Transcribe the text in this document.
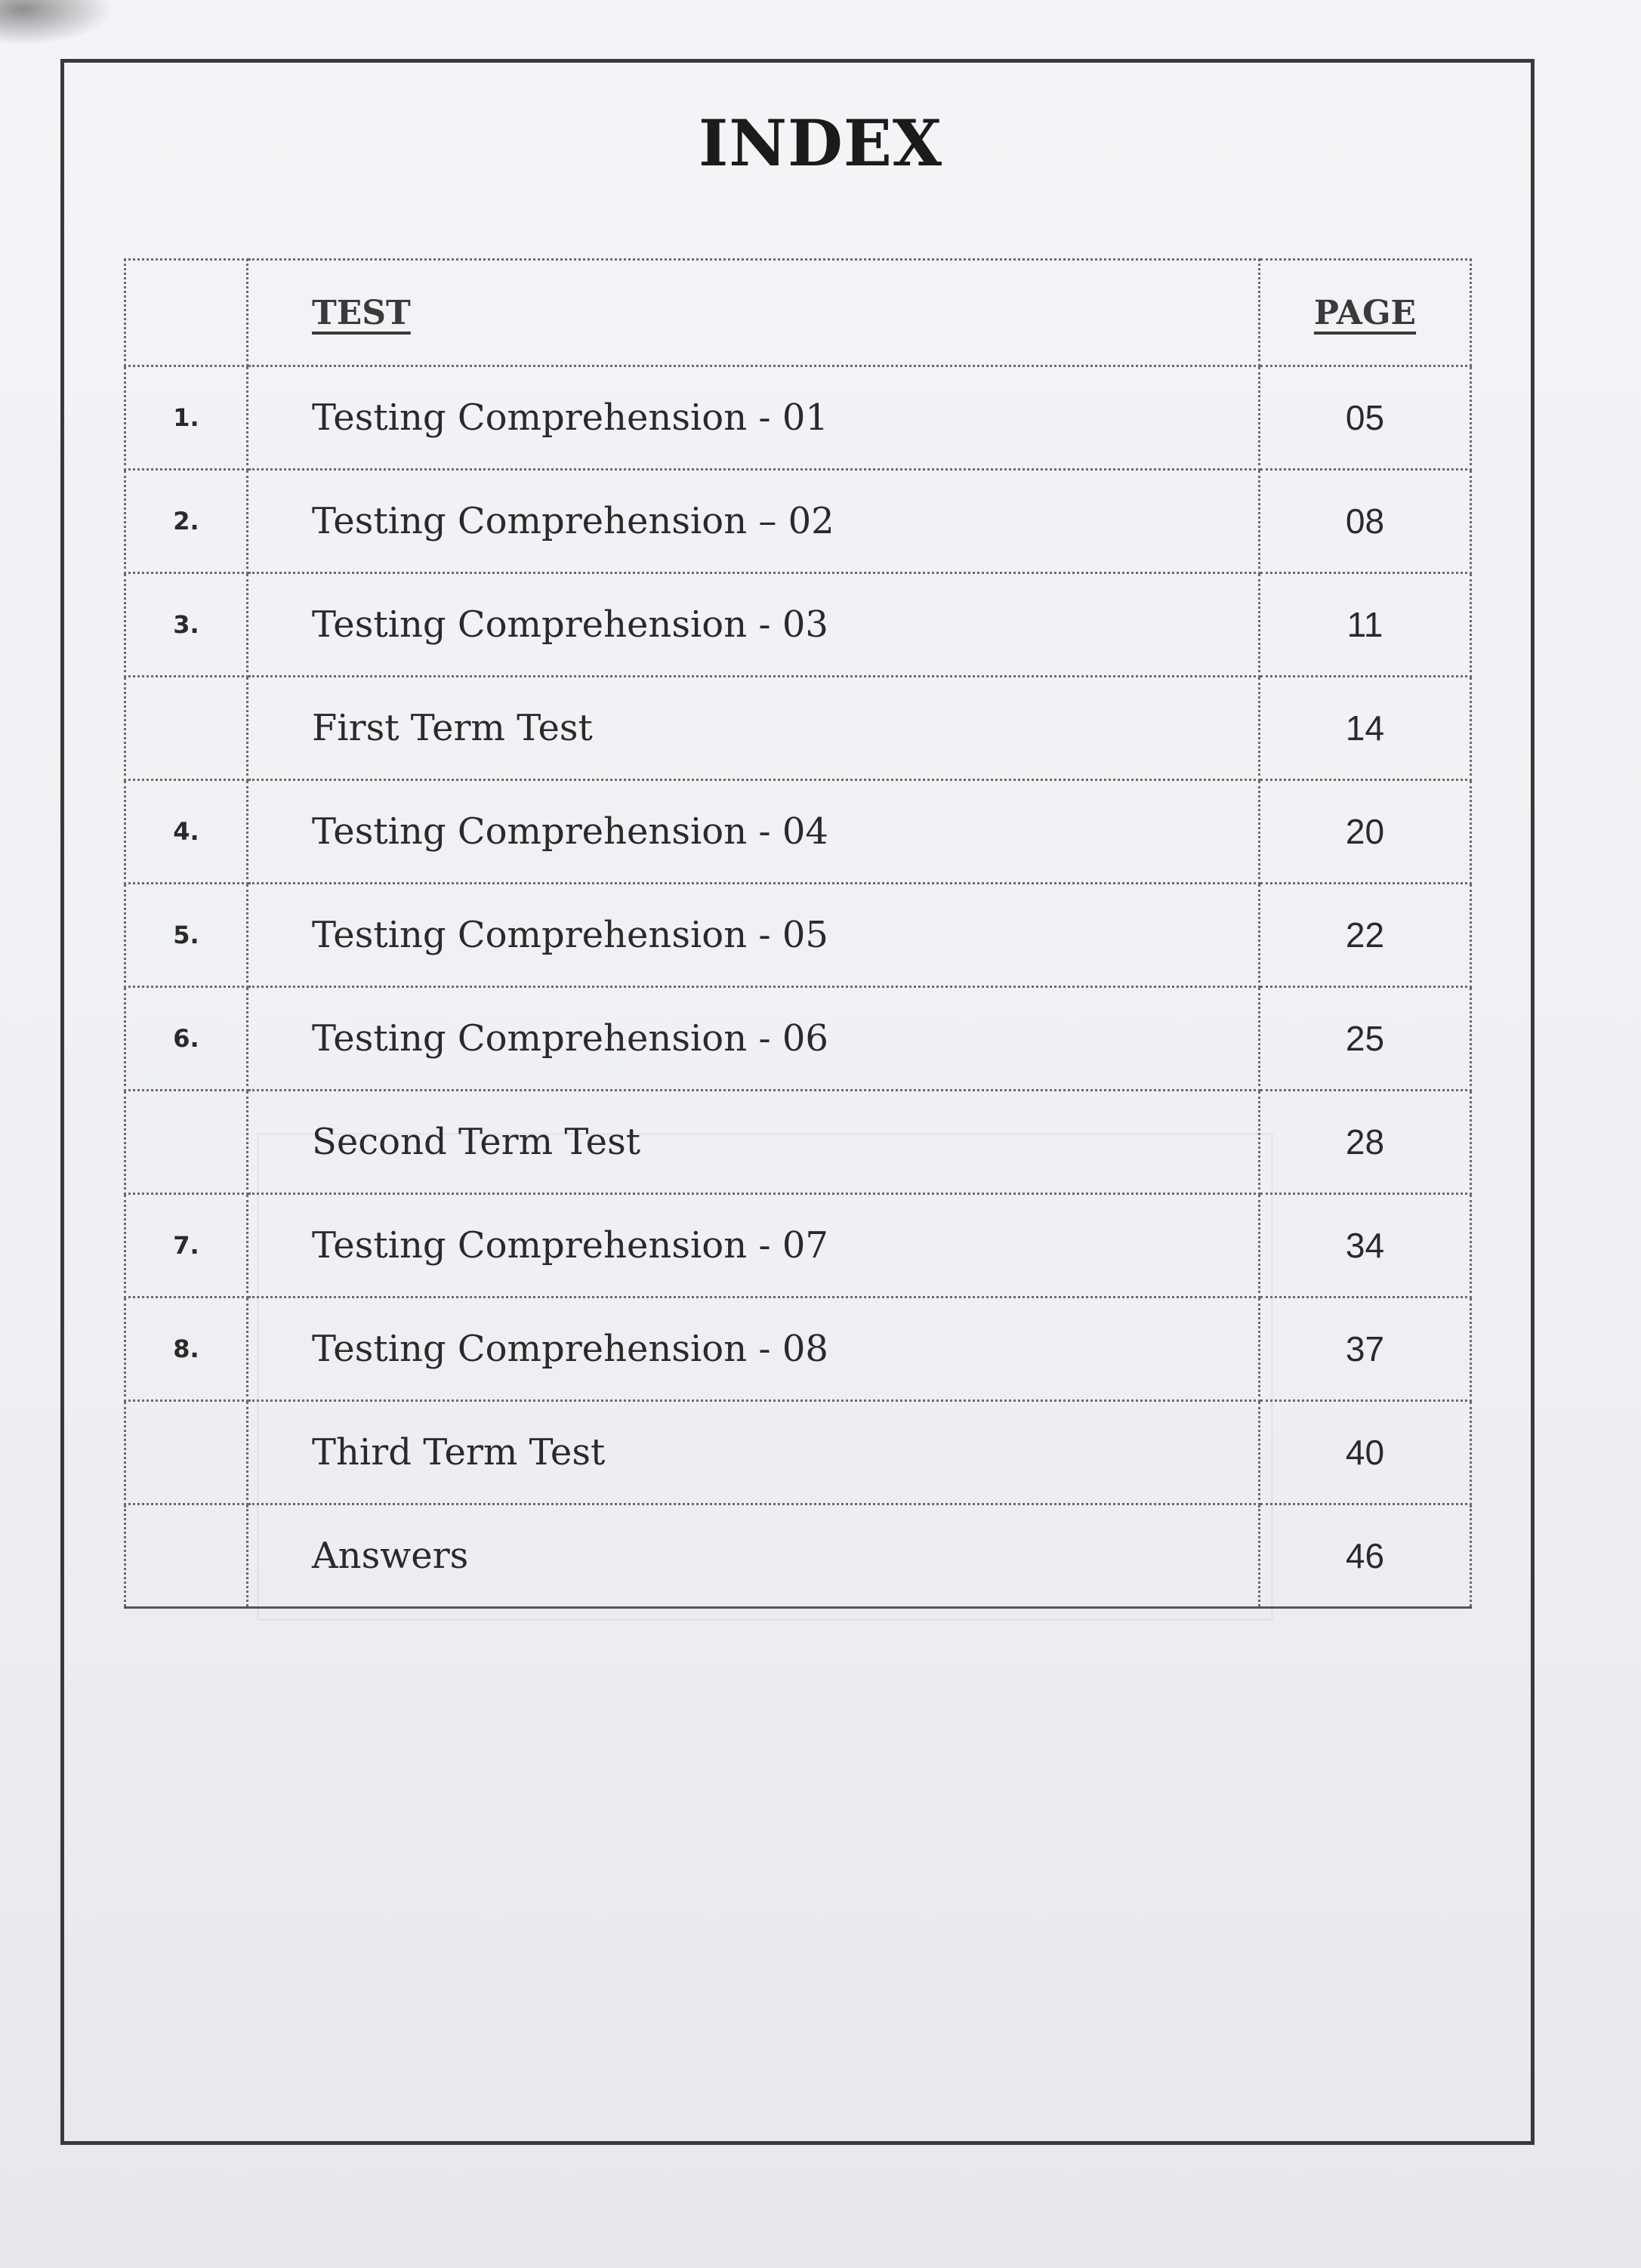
INDEX
	TEST	PAGE
1.	Testing Comprehension - 01	05
2.	Testing Comprehension – 02	08
3.	Testing Comprehension - 03	11
	First Term Test	14
4.	Testing Comprehension - 04	20
5.	Testing Comprehension - 05	22
6.	Testing Comprehension - 06	25
	Second Term Test	28
7.	Testing Comprehension - 07	34
8.	Testing Comprehension - 08	37
	Third Term Test	40
	Answers	46
